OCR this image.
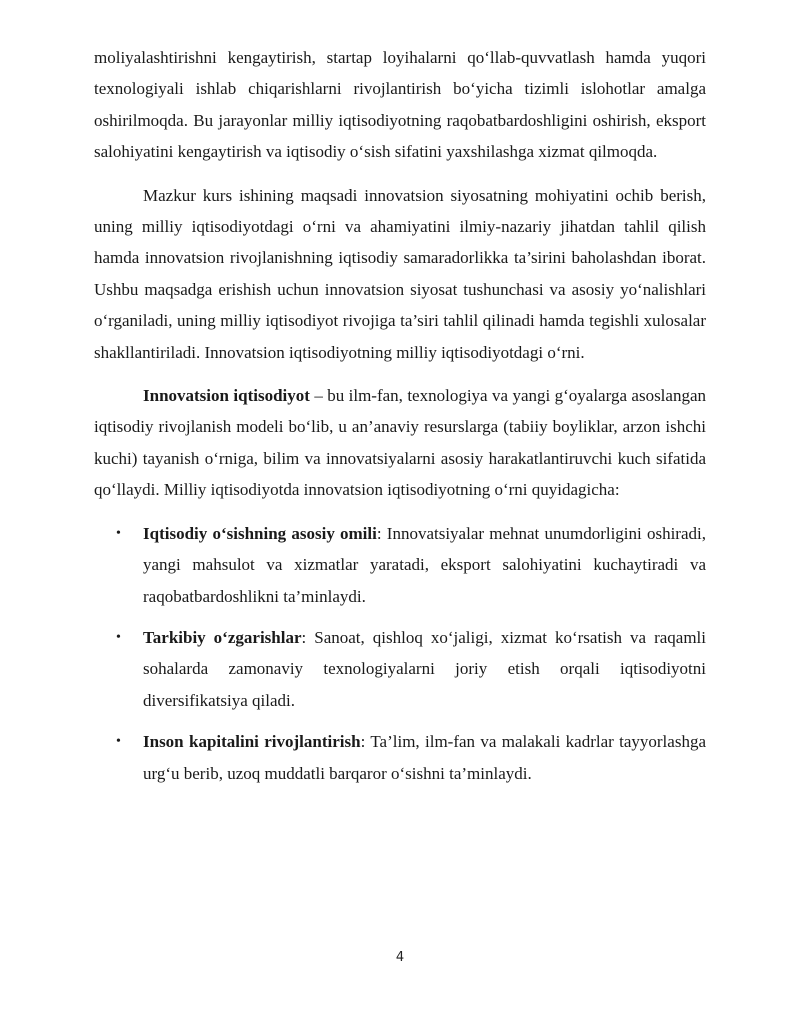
moliyalashtirishni kengaytirish, startap loyihalarni qo‘llab-quvvatlash hamda yuqori texnologiyali ishlab chiqarishlarni rivojlantirish bo‘yicha tizimli islohotlar amalga oshirilmoqda. Bu jarayonlar milliy iqtisodiyotning raqobatbardoshligini oshirish, eksport salohiyatini kengaytirish va iqtisodiy o‘sish sifatini yaxshilashga xizmat qilmoqda.

Mazkur kurs ishining maqsadi innovatsion siyosatning mohiyatini ochib berish, uning milliy iqtisodiyotdagi o‘rni va ahamiyatini ilmiy-nazariy jihatdan tahlil qilish hamda innovatsion rivojlanishning iqtisodiy samaradorlikka ta’sirini baholashdan iborat. Ushbu maqsadga erishish uchun innovatsion siyosat tushunchasi va asosiy yo‘nalishlari o‘rganiladi, uning milliy iqtisodiyot rivojiga ta’siri tahlil qilinadi hamda tegishli xulosalar shakllantiriladi. Innovatsion iqtisodiyotning milliy iqtisodiyotdagi o‘rni.

Innovatsion iqtisodiyot – bu ilm-fan, texnologiya va yangi g‘oyalarga asoslangan iqtisodiy rivojlanish modeli bo‘lib, u an’anaviy resurslarga (tabiiy boyliklar, arzon ishchi kuchi) tayanish o‘rniga, bilim va innovatsiyalarni asosiy harakatlantiruvchi kuch sifatida qo‘llaydi. Milliy iqtisodiyotda innovatsion iqtisodiyotning o‘rni quyidagicha:

• Iqtisodiy o‘sishning asosiy omili: Innovatsiyalar mehnat unumdorligini oshiradi, yangi mahsulot va xizmatlar yaratadi, eksport salohiyatini kuchaytiradi va raqobatbardoshlikni ta’minlaydi.
• Tarkibiy o‘zgarishlar: Sanoat, qishloq xo‘jaligi, xizmat ko‘rsatish va raqamli sohalarda zamonaviy texnologiyalarni joriy etish orqali iqtisodiyotni diversifikatsiya qiladi.
• Inson kapitalini rivojlantirish: Ta’lim, ilm-fan va malakali kadrlar tayyorlashga urg‘u berib, uzoq muddatli barqaror o‘sishni ta’minlaydi.
4
